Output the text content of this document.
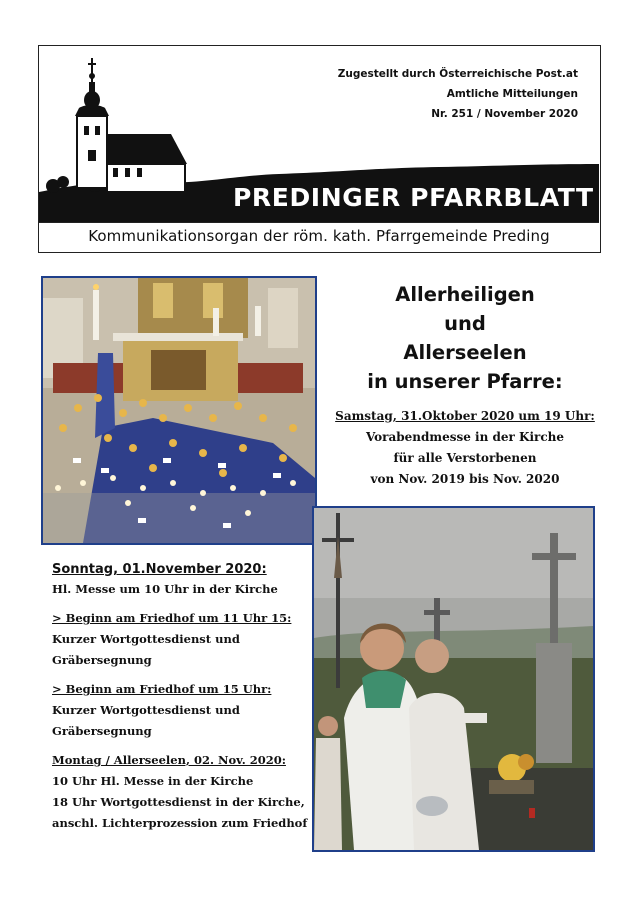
Zugestellt durch Österreichische Post.at
Amtliche Mitteilungen
Nr. 251 / November 2020
PREDINGER PFARRBLATT
Kommunikationsorgan der röm. kath. Pfarrgemeinde Preding
Allerheiligen
und
Allerseelen
in unserer Pfarre:
Samstag, 31.Oktober 2020 um 19 Uhr:
Vorabendmesse in der Kirche
für alle Verstorbenen
von Nov. 2019 bis Nov. 2020
Sonntag, 01.November 2020:
Hl. Messe um 10 Uhr in der Kirche
> Beginn am Friedhof um 11 Uhr 15:
Kurzer Wortgottesdienst und
Gräbersegnung
> Beginn am Friedhof um 15 Uhr:
Kurzer Wortgottesdienst und
Gräbersegnung
Montag / Allerseelen, 02. Nov. 2020:
10 Uhr Hl. Messe in der Kirche
18 Uhr Wortgottesdienst in der Kirche,
anschl. Lichterprozession zum Friedhof
